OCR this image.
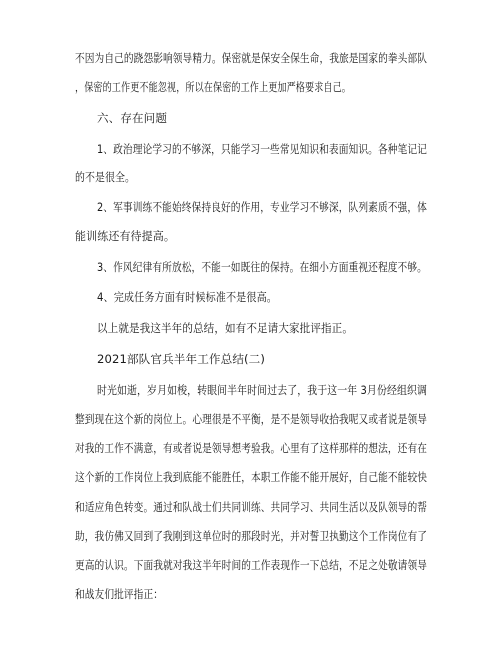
不因为自己的跷怨影响领导精力。保密就是保安全保生命，我旅是国家的拳头部队
，保密的工作更不能忽视，所以在保密的工作上更加严格要求自己。
六、存在问题
1、政治理论学习的不够深，只能学习一些常见知识和表面知识。各种笔记记
的不是很全。
2、军事训练不能始终保持良好的作用，专业学习不够深，队列素质不强，体
能训练还有待提高。
3、作风纪律有所放松，不能一如既往的保持。在细小方面重视还程度不够。
4、完成任务方面有时候标准不是很高。
以上就是我这半年的总结，如有不足请大家批评指正。
2021部队官兵半年工作总结(二)
时光如逝，岁月如梭，转眼间半年时间过去了，我于这一年 3月份经组织调
整到现在这个新的岗位上。心理很是不平衡，是不是领导收拾我呢又或者说是领导
对我的工作不满意，有或者说是领导想考验我。心里有了这样那样的想法，还有在
这个新的工作岗位上我到底能不能胜任，本职工作能不能开展好，自己能不能较快
和适应角色转变。通过和队战士们共同训练、共同学习、共同生活以及队领导的帮
助，我仿佛又回到了我刚到这单位时的那段时光，并对誓卫执勤这个工作岗位有了
更高的认识。下面我就对我这半年时间的工作表现作一下总结，不足之处敬请领导
和战友们批评指正：
